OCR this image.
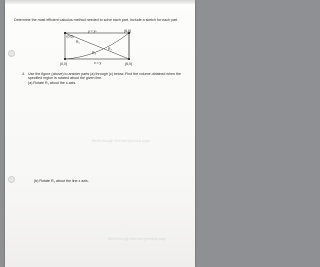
Determine the most efficient calculus method needed to solve each part. Include a sketch for each part.
(0,6)
(6,6)
(0,0)	(6,0)
y = x²
x = y
R₁
R₂
R₃
4. Use the figure (above) to answer parts (a) through (c) below. Find the volume obtained when the specified region is rotated about the given line.
(a) Rotate R₁ about the x-axis.
(b) Rotate R₂ about the line x axis.
Bleed-through text from previous page
Bleed-through text from previous page
